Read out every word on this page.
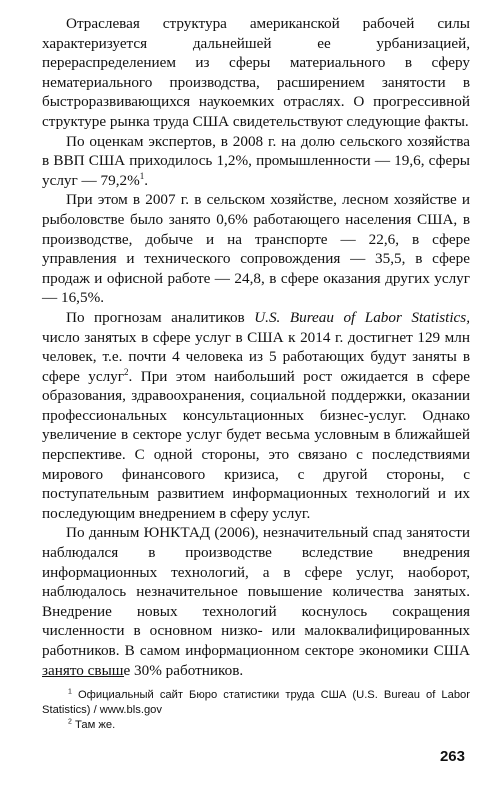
Отраслевая структура американской рабочей силы характеризуется дальнейшей ее урбанизацией, перераспределением из сферы материального в сферу нематериального производства, расширением занятости в быстроразвивающихся наукоемких отраслях. О прогрессивной структуре рынка труда США свидетельствуют следующие факты.

По оценкам экспертов, в 2008 г. на долю сельского хозяйства в ВВП США приходилось 1,2%, промышленности — 19,6, сферы услуг — 79,2%$^1$.

При этом в 2007 г. в сельском хозяйстве, лесном хозяйстве и рыболовстве было занято 0,6% работающего населения США, в производстве, добыче и на транспорте — 22,6, в сфере управления и технического сопровождения — 35,5, в сфере продаж и офисной работе — 24,8, в сфере оказания других услуг — 16,5%.

По прогнозам аналитиков U.S. Bureau of Labor Statistics, число занятых в сфере услуг в США к 2014 г. достигнет 129 млн человек, т.е. почти 4 человека из 5 работающих будут заняты в сфере услуг$^2$. При этом наибольший рост ожидается в сфере образования, здравоохранения, социальной поддержки, оказании профессиональных консультационных бизнес-услуг. Однако увеличение в секторе услуг будет весьма условным в ближайшей перспективе. С одной стороны, это связано с последствиями мирового финансового кризиса, с другой стороны, с поступательным развитием информационных технологий и их последующим внедрением в сферу услуг.

По данным ЮНКТАД (2006), незначительный спад занятости наблюдался в производстве вследствие внедрения информационных технологий, а в сфере услуг, наоборот, наблюдалось незначительное повышение количества занятых. Внедрение новых технологий коснулось сокращения численности в основном низко- или малоквалифицированных работников. В самом информационном секторе экономики США занято свыше 30% работников.

$^1$ Официальный сайт Бюро статистики труда США (U.S. Bureau of Labor Statistics) / www.bls.gov

$^2$ Там же.

263
